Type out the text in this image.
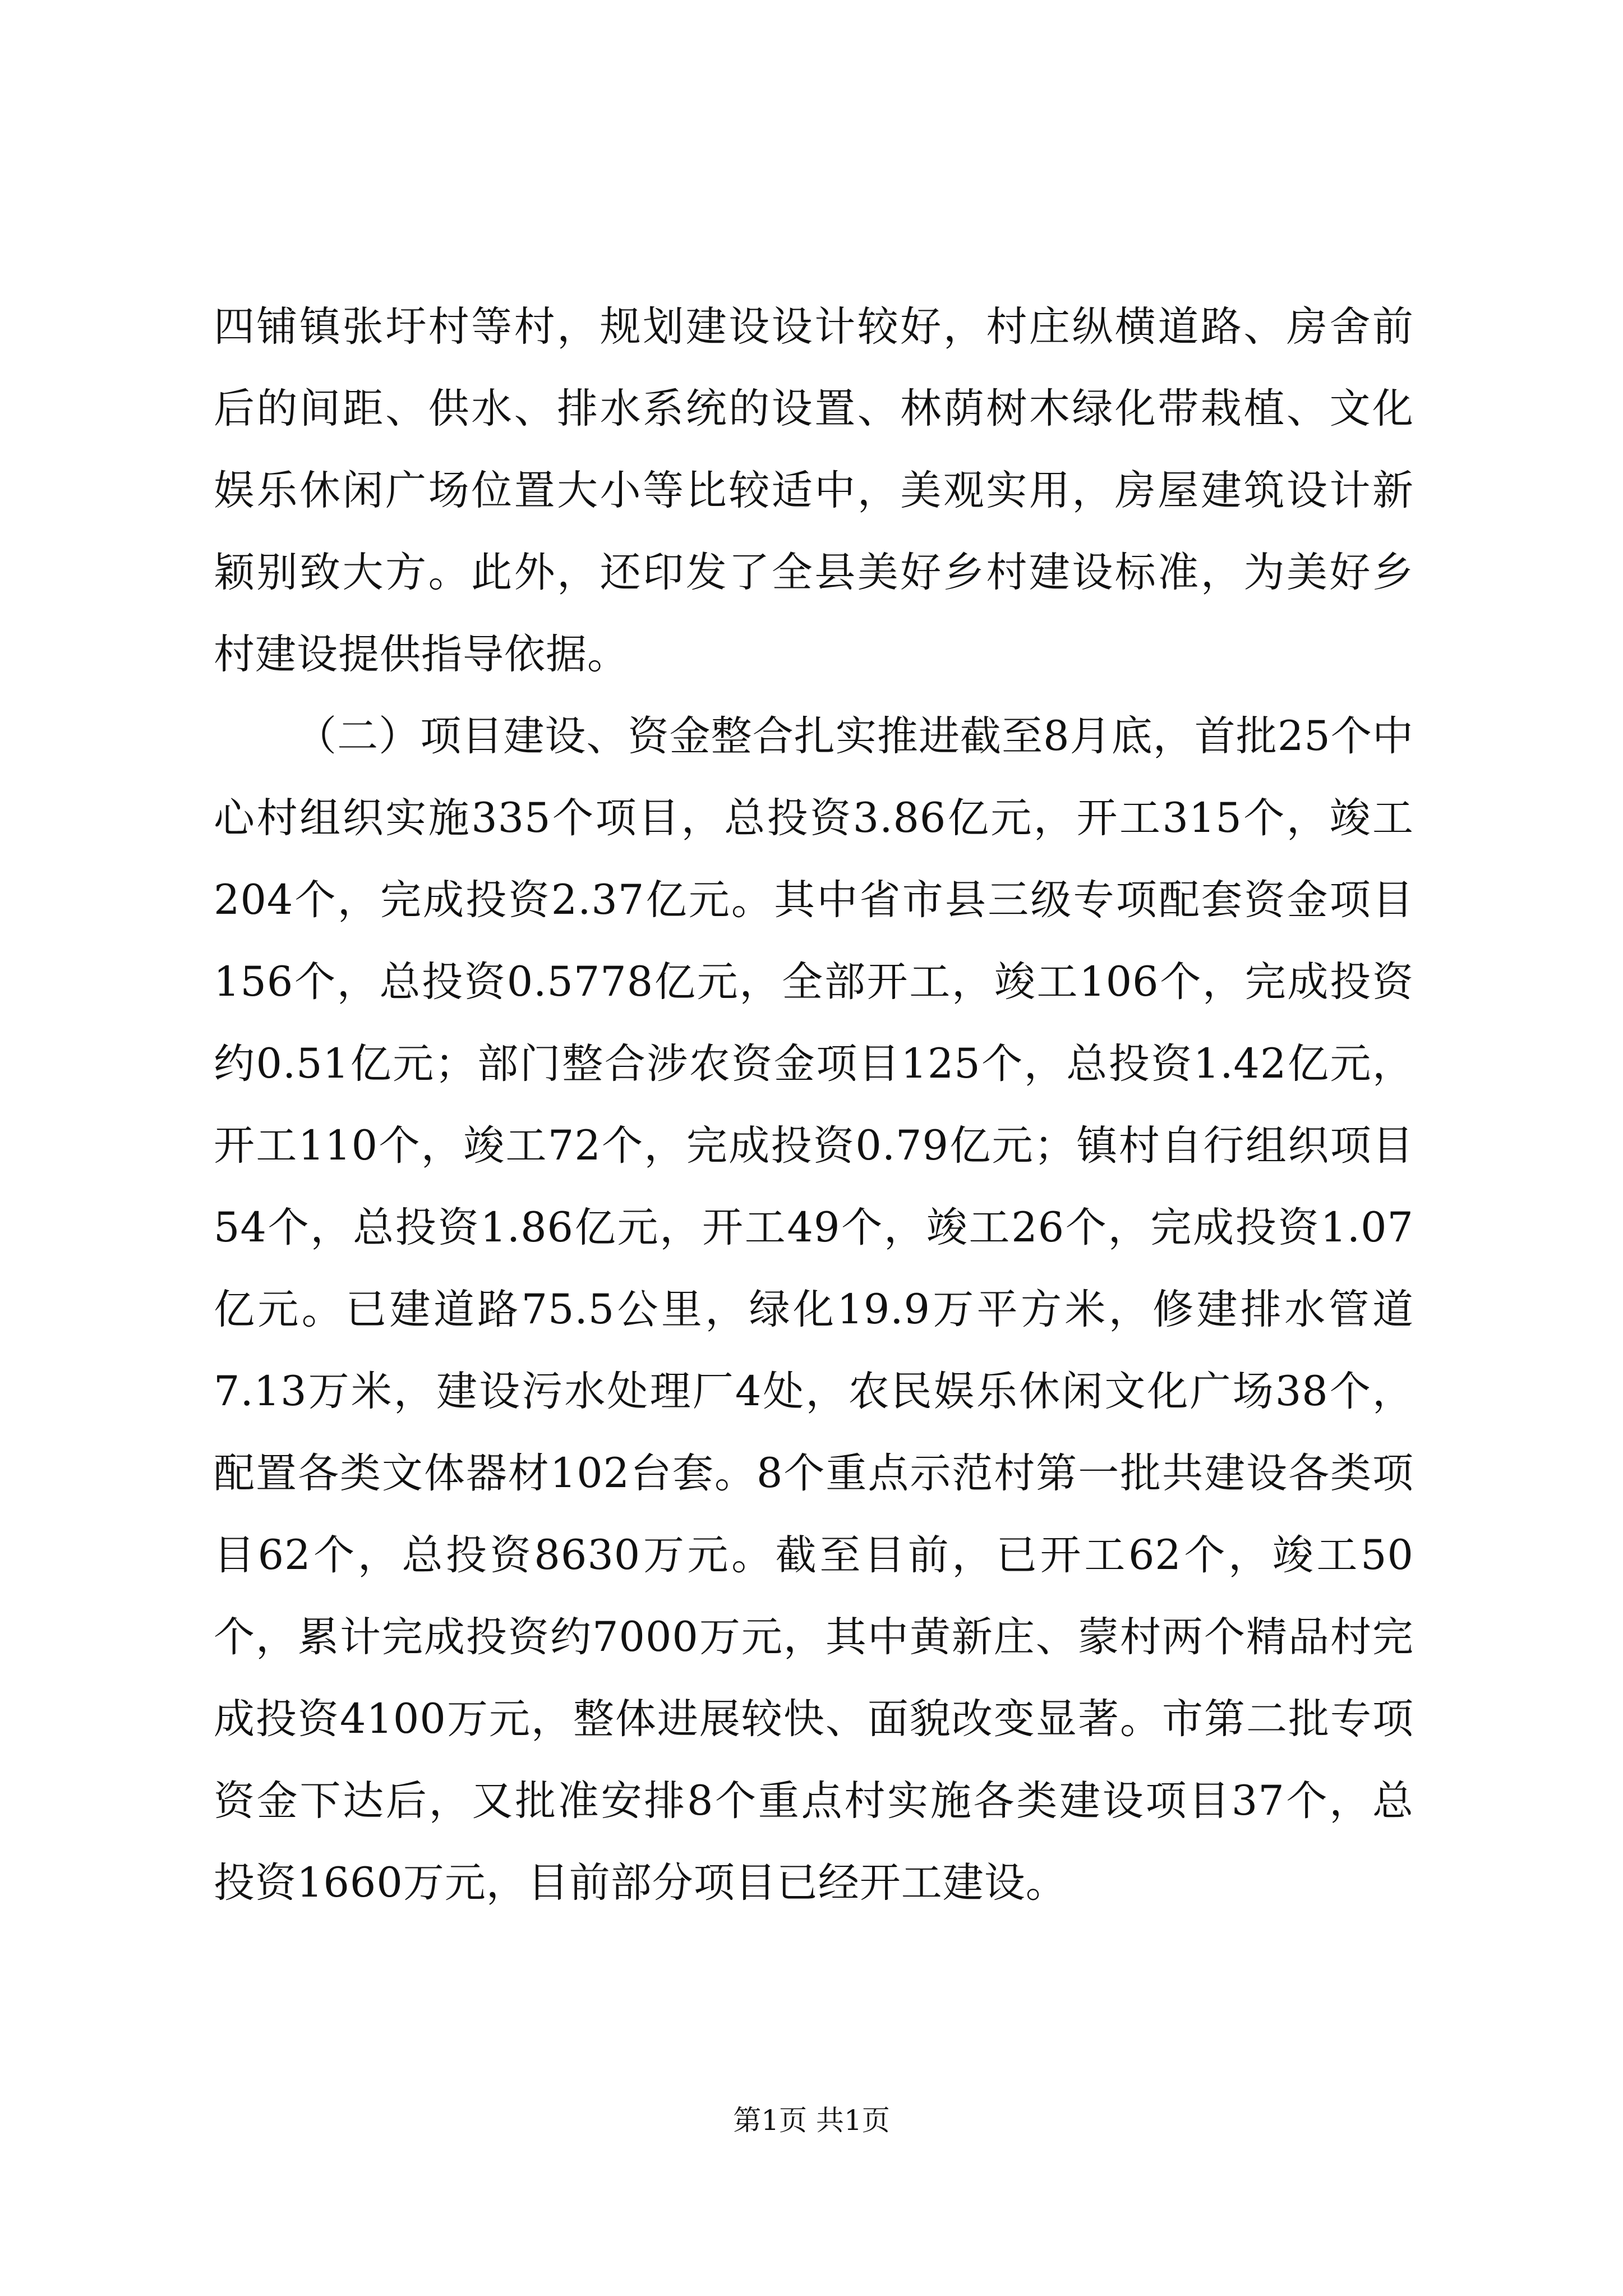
四铺镇张圩村等村，规划建设设计较好，村庄纵横道路、房舍前后的间距、供水、排水系统的设置、林荫树木绿化带栽植、文化娱乐休闲广场位置大小等比较适中，美观实用，房屋建筑设计新颖别致大方。此外，还印发了全县美好乡村建设标准，为美好乡村建设提供指导依据。

（二）项目建设、资金整合扎实推进截至8月底，首批25个中心村组织实施335个项目，总投资3.86亿元，开工315个，竣工204个，完成投资2.37亿元。其中省市县三级专项配套资金项目156个，总投资0.5778亿元，全部开工，竣工106个，完成投资约0.51亿元；部门整合涉农资金项目125个，总投资1.42亿元，开工110个，竣工72个，完成投资0.79亿元；镇村自行组织项目54个，总投资1.86亿元，开工49个，竣工26个，完成投资1.07亿元。已建道路75.5公里，绿化19.9万平方米，修建排水管道7.13万米，建设污水处理厂4处，农民娱乐休闲文化广场38个，配置各类文体器材102台套。8个重点示范村第一批共建设各类项目62个，总投资8630万元。截至目前，已开工62个，竣工50个，累计完成投资约7000万元，其中黄新庄、蒙村两个精品村完成投资4100万元，整体进展较快、面貌改变显著。市第二批专项资金下达后，又批准安排8个重点村实施各类建设项目37个，总投资1660万元，目前部分项目已经开工建设。

第1页 共1页
